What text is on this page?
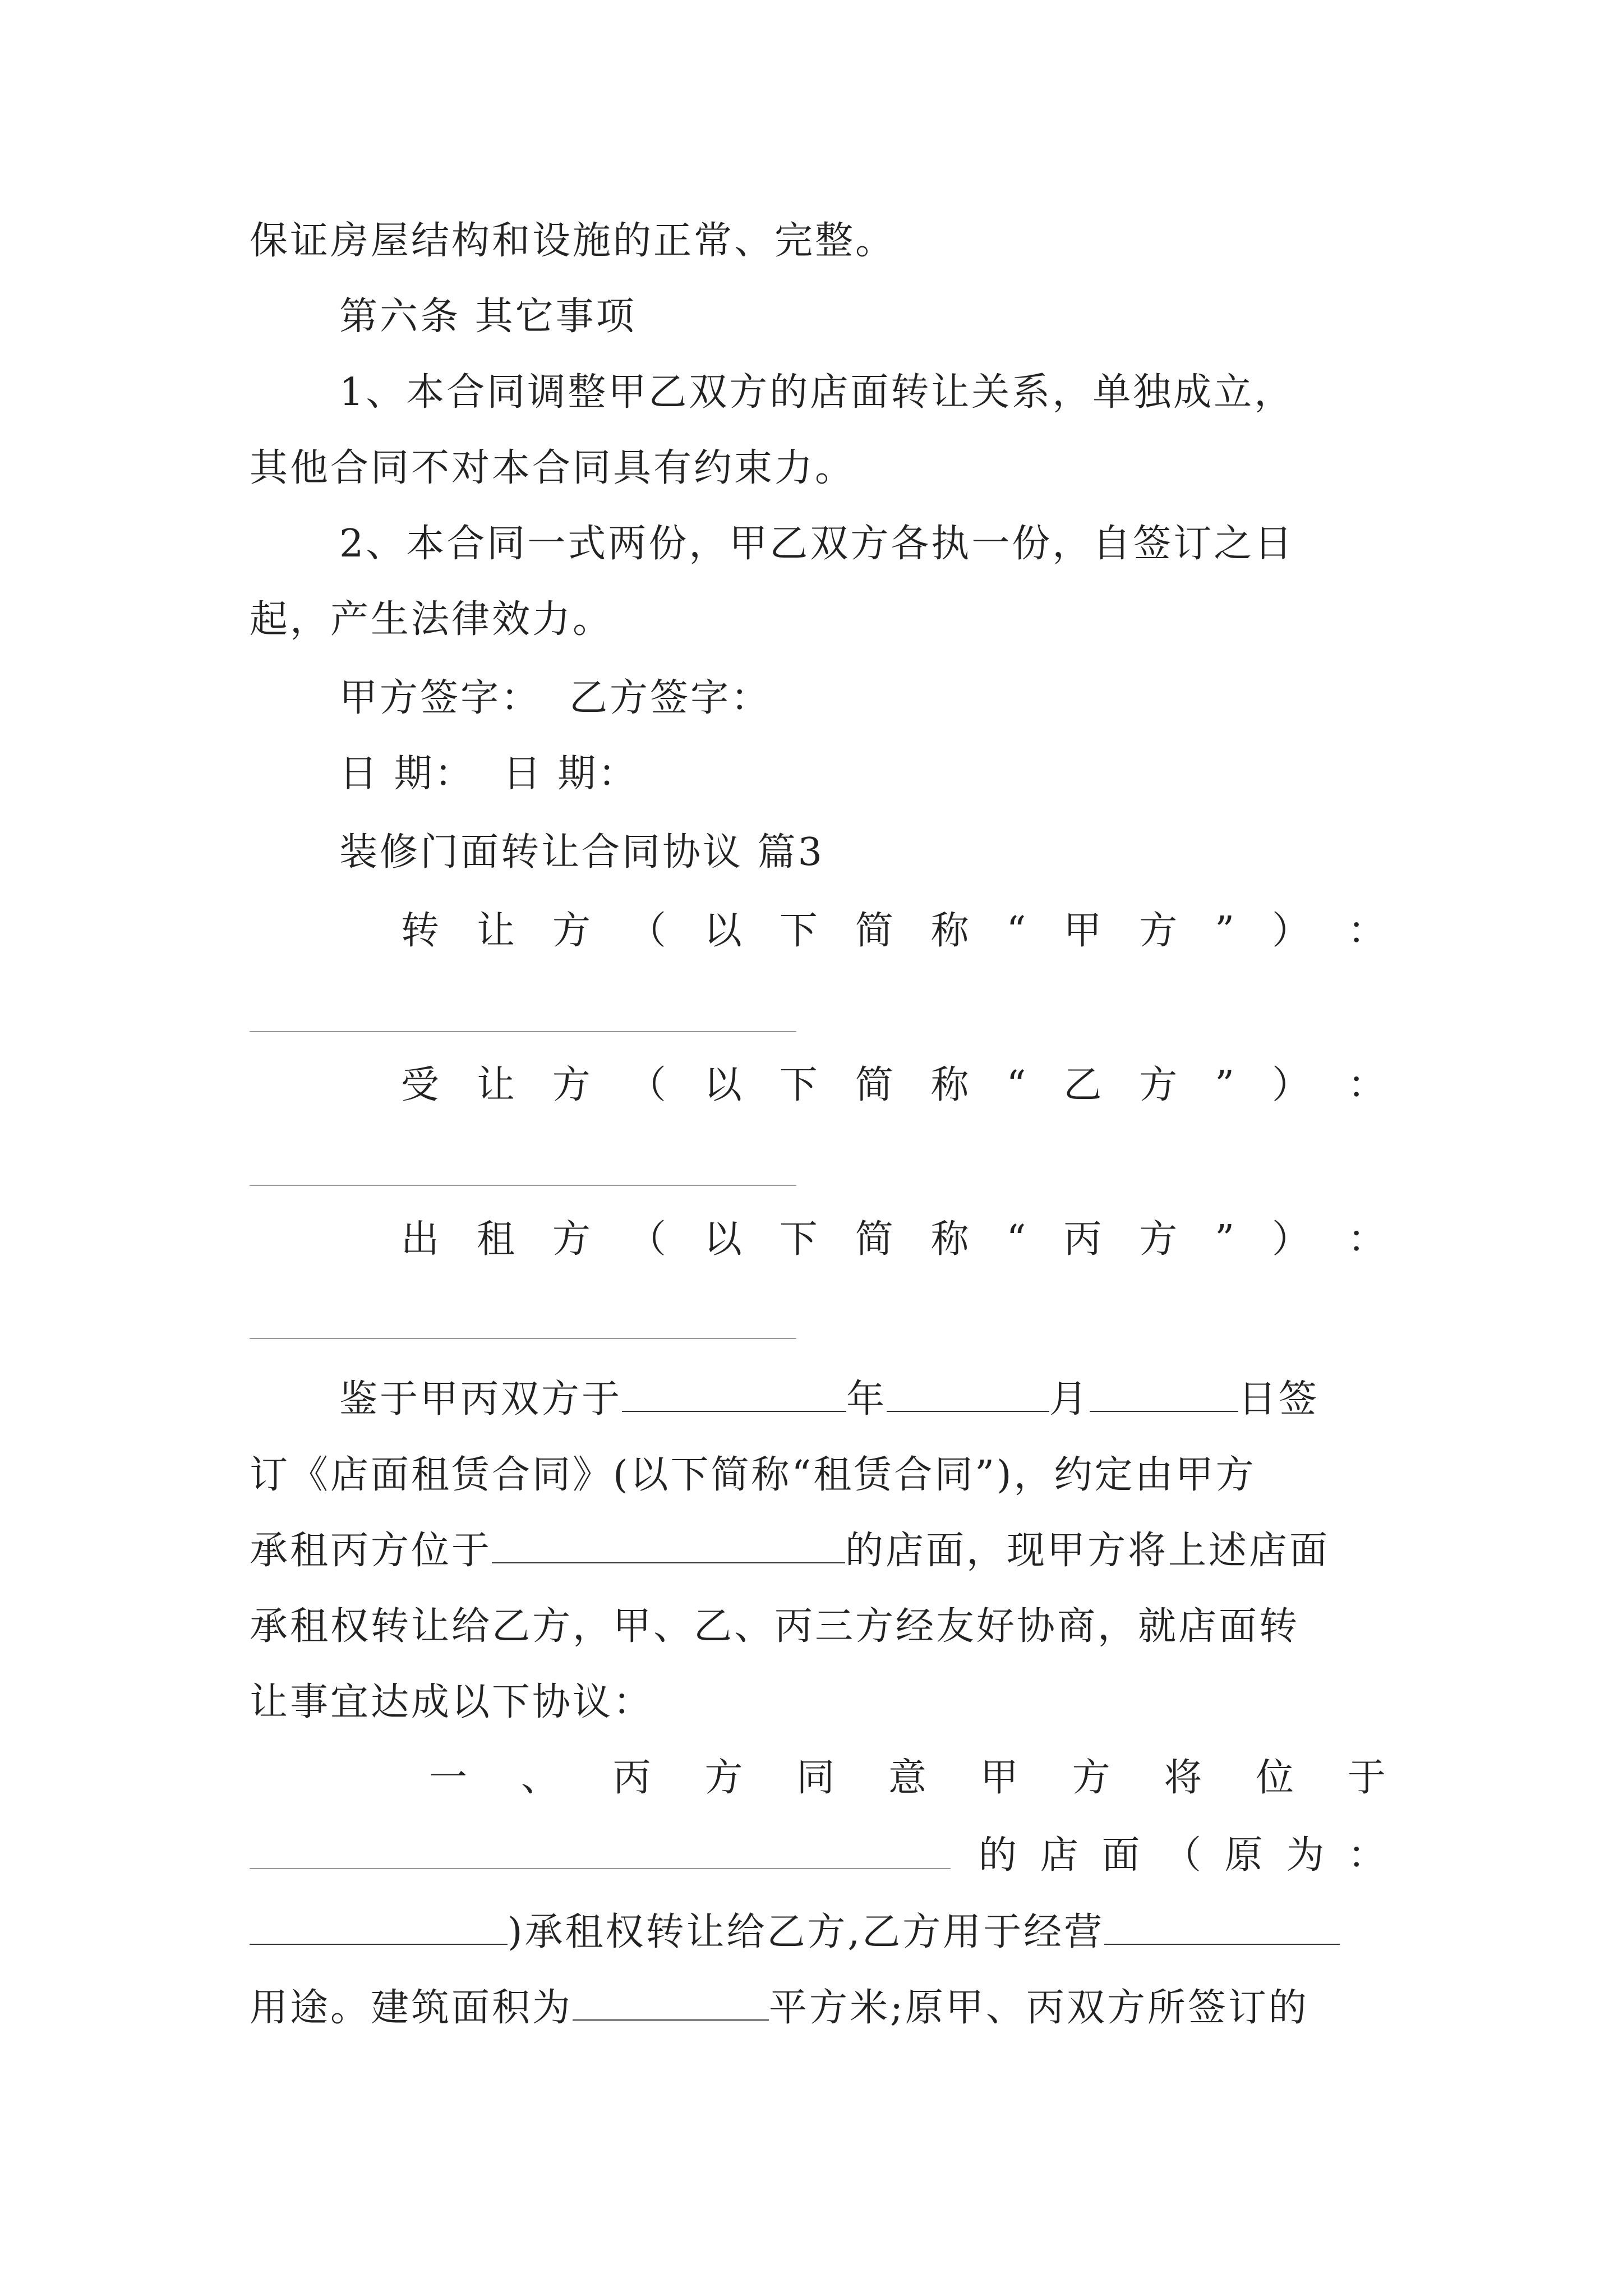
保证房屋结构和设施的正常、完整。
第六条 其它事项
1、本合同调整甲乙双方的店面转让关系，单独成立，
其他合同不对本合同具有约束力。
2、本合同一式两份，甲乙双方各执一份，自签订之日
起，产生法律效力。
甲方签字： 乙方签字：
日 期： 日 期：
装修门面转让合同协议 篇3
转 让 方 （ 以 下 简 称 “ 甲 方 ” ） ：
受 让 方 （ 以 下 简 称 “ 乙 方 ” ） ：
出 租 方 （ 以 下 简 称 “ 丙 方 ” ） ：
鉴于甲丙双方于	年	月	日签
订《店面租赁合同》(以下简称“租赁合同”)，约定由甲方
承租丙方位于	的店面，现甲方将上述店面
承租权转让给乙方，甲、乙、丙三方经友好协商，就店面转
让事宜达成以下协议：
一 、 丙 方 同 意 甲 方 将 位 于
的 店 面 （ 原 为 ：
)承租权转让给乙方,乙方用于经营
用途。建筑面积为	平方米;原甲、丙双方所签订的
